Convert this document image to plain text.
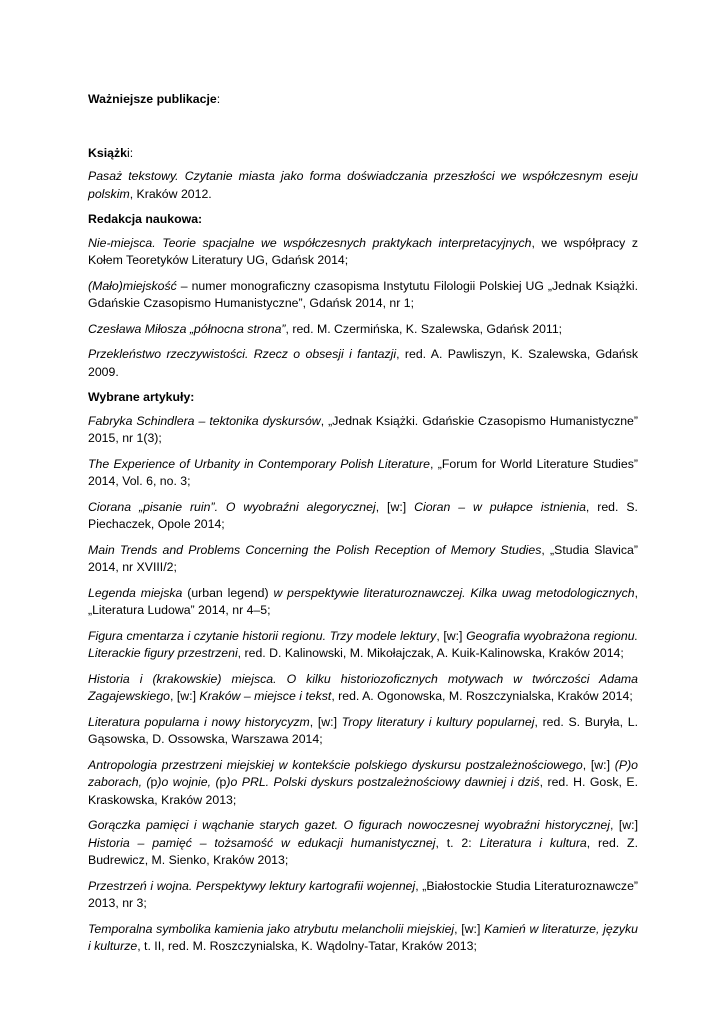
Ważniejsze publikacje:

Książki:

Pasaż tekstowy. Czytanie miasta jako forma doświadczania przeszłości we współczesnym eseju polskim, Kraków 2012.

Redakcja naukowa:

Nie-miejsca. Teorie spacjalne we współczesnych praktykach interpretacyjnych, we współpracy z Kołem Teoretyków Literatury UG, Gdańsk 2014;

(Mało)miejskość – numer monograficzny czasopisma Instytutu Filologii Polskiej UG „Jednak Książki. Gdańskie Czasopismo Humanistyczne”, Gdańsk 2014, nr 1;

Czesława Miłosza „północna strona”, red. M. Czermińska, K. Szalewska, Gdańsk 2011;

Przekleństwo rzeczywistości. Rzecz o obsesji i fantazji, red. A. Pawliszyn, K. Szalewska, Gdańsk 2009.

Wybrane artykuły:

Fabryka Schindlera – tektonika dyskursów, „Jednak Książki. Gdańskie Czasopismo Humanistyczne” 2015, nr 1(3);

The Experience of Urbanity in Contemporary Polish Literature, „Forum for World Literature Studies” 2014, Vol. 6, no. 3;

Ciorana „pisanie ruin”. O wyobraźni alegorycznej, [w:] Cioran – w pułapce istnienia, red. S. Piechaczek, Opole 2014;

Main Trends and Problems Concerning the Polish Reception of Memory Studies, „Studia Slavica” 2014, nr XVIII/2;

Legenda miejska (urban legend) w perspektywie literaturoznawczej. Kilka uwag metodologicznych, „Literatura Ludowa” 2014, nr 4–5;

Figura cmentarza i czytanie historii regionu. Trzy modele lektury, [w:] Geografia wyobrażona regionu. Literackie figury przestrzeni, red. D. Kalinowski, M. Mikołajczak, A. Kuik-Kalinowska, Kraków 2014;

Historia i (krakowskie) miejsca. O kilku historiozoficznych motywach w twórczości Adama Zagajewskiego, [w:] Kraków – miejsce i tekst, red. A. Ogonowska, M. Roszczynialska, Kraków 2014;

Literatura popularna i nowy historycyzm, [w:] Tropy literatury i kultury popularnej, red. S. Buryła, L. Gąsowska, D. Ossowska, Warszawa 2014;

Antropologia przestrzeni miejskiej w kontekście polskiego dyskursu postzależnościowego, [w:] (P)o zaborach, (p)o wojnie, (p)o PRL. Polski dyskurs postzależnościowy dawniej i dziś, red. H. Gosk, E. Kraskowska, Kraków 2013;

Gorączka pamięci i wąchanie starych gazet. O figurach nowoczesnej wyobraźni historycznej, [w:] Historia – pamięć – tożsamość w edukacji humanistycznej, t. 2: Literatura i kultura, red. Z. Budrewicz, M. Sienko, Kraków 2013;

Przestrzeń i wojna. Perspektywy lektury kartografii wojennej, „Białostockie Studia Literaturoznawcze” 2013, nr 3;

Temporalna symbolika kamienia jako atrybutu melancholii miejskiej, [w:] Kamień w literaturze, języku i kulturze, t. II, red. M. Roszczynialska, K. Wądolny-Tatar, Kraków 2013;
